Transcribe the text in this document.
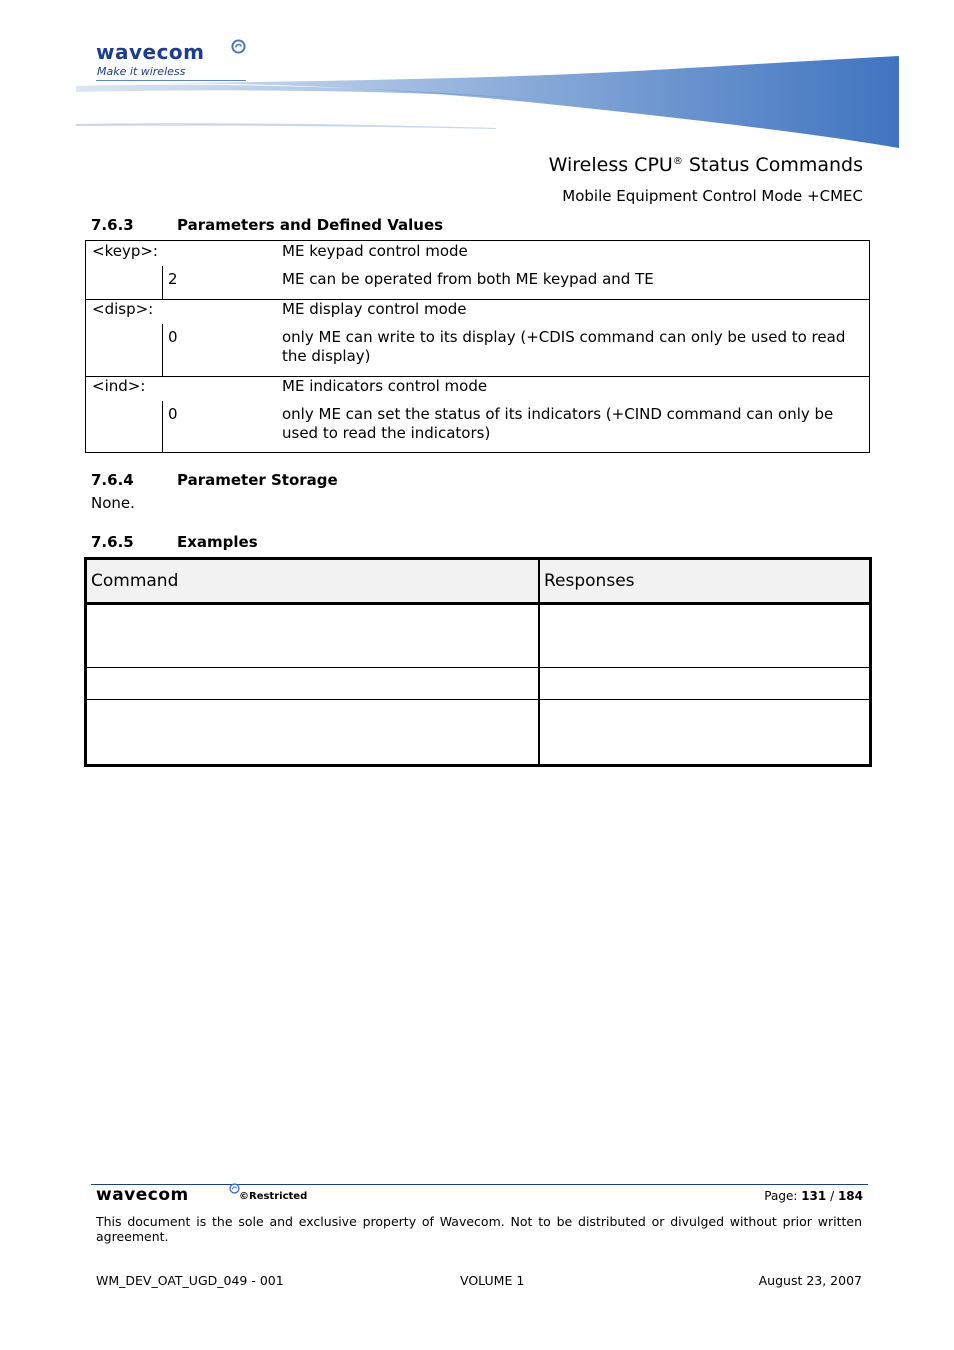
wavecom
Make it wireless
Wireless CPU® Status Commands
Mobile Equipment Control Mode +CMEC
7.6.3	Parameters and Defined Values
<keyp>:	ME keypad control mode
2	ME can be operated from both ME keypad and TE
<disp>:	ME display control mode
0	only ME can write to its display (+CDIS command can only be used to read the display)
<ind>:	ME indicators control mode
0	only ME can set the status of its indicators (+CIND command can only be used to read the indicators)
7.6.4	Parameter Storage
None.
7.6.5	Examples
Command	Responses
wavecom	©Restricted	Page: 131 / 184
This document is the sole and exclusive property of Wavecom. Not to be distributed or divulged without prior written agreement.
WM_DEV_OAT_UGD_049 - 001	VOLUME 1	August 23, 2007
